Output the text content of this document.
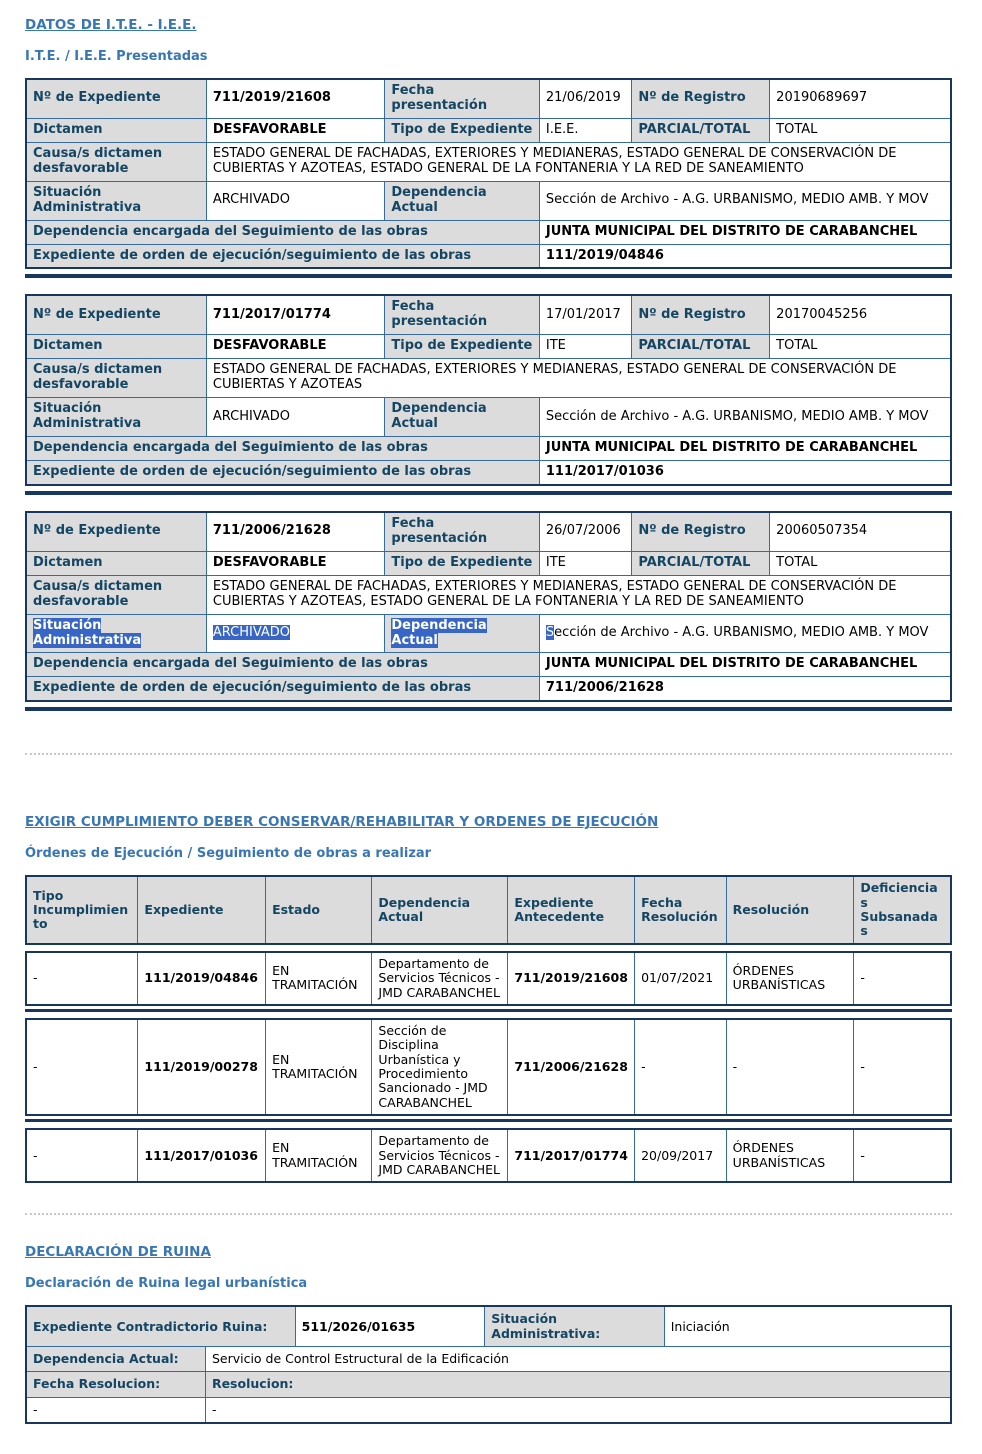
DATOS DE I.T.E. - I.E.E.
I.T.E. / I.E.E. Presentadas
Nº de Expediente	711/2019/21608	Fecha presentación	21/06/2019	Nº de Registro	20190689697
Dictamen	DESFAVORABLE	Tipo de Expediente	I.E.E.	PARCIAL/TOTAL	TOTAL
Causa/s dictamen desfavorable	ESTADO GENERAL DE FACHADAS, EXTERIORES Y MEDIANERAS, ESTADO GENERAL DE CONSERVACIÓN DE CUBIERTAS Y AZOTEAS, ESTADO GENERAL DE LA FONTANERIA Y LA RED DE SANEAMIENTO				
Situación Administrativa	ARCHIVADO	Dependencia Actual	Sección de Archivo - A.G. URBANISMO, MEDIO AMB. Y MOV		
Dependencia encargada del Seguimiento de las obras			JUNTA MUNICIPAL DEL DISTRITO DE CARABANCHEL		
Expediente de orden de ejecución/seguimiento de las obras			111/2019/04846		
Nº de Expediente	711/2017/01774	Fecha presentación	17/01/2017	Nº de Registro	20170045256
Dictamen	DESFAVORABLE	Tipo de Expediente	ITE	PARCIAL/TOTAL	TOTAL
Causa/s dictamen desfavorable	ESTADO GENERAL DE FACHADAS, EXTERIORES Y MEDIANERAS, ESTADO GENERAL DE CONSERVACIÓN DE CUBIERTAS Y AZOTEAS				
Situación Administrativa	ARCHIVADO	Dependencia Actual	Sección de Archivo - A.G. URBANISMO, MEDIO AMB. Y MOV		
Dependencia encargada del Seguimiento de las obras			JUNTA MUNICIPAL DEL DISTRITO DE CARABANCHEL		
Expediente de orden de ejecución/seguimiento de las obras			111/2017/01036		
Nº de Expediente	711/2006/21628	Fecha presentación	26/07/2006	Nº de Registro	20060507354
Dictamen	DESFAVORABLE	Tipo de Expediente	ITE	PARCIAL/TOTAL	TOTAL
Causa/s dictamen desfavorable	ESTADO GENERAL DE FACHADAS, EXTERIORES Y MEDIANERAS, ESTADO GENERAL DE CONSERVACIÓN DE CUBIERTAS Y AZOTEAS, ESTADO GENERAL DE LA FONTANERIA Y LA RED DE SANEAMIENTO				
Situación Administrativa	ARCHIVADO	Dependencia Actual	Sección de Archivo - A.G. URBANISMO, MEDIO AMB. Y MOV		
Dependencia encargada del Seguimiento de las obras			JUNTA MUNICIPAL DEL DISTRITO DE CARABANCHEL		
Expediente de orden de ejecución/seguimiento de las obras			711/2006/21628		
EXIGIR CUMPLIMIENTO DEBER CONSERVAR/REHABILITAR Y ORDENES DE EJECUCIÓN
Órdenes de Ejecución / Seguimiento de obras a realizar
Tipo Incumplimiento	Expediente	Estado	Dependencia Actual	Expediente Antecedente	Fecha Resolución	Resolución	Deficiencias Subsanadas
-	111/2019/04846	EN TRAMITACIÓN	Departamento de Servicios Técnicos - JMD CARABANCHEL	711/2019/21608	01/07/2021	ÓRDENES URBANÍSTICAS	-
-	111/2019/00278	EN TRAMITACIÓN	Sección de Disciplina Urbanística y Procedimiento Sancionado - JMD CARABANCHEL	711/2006/21628	-	-	-
-	111/2017/01036	EN TRAMITACIÓN	Departamento de Servicios Técnicos - JMD CARABANCHEL	711/2017/01774	20/09/2017	ÓRDENES URBANÍSTICAS	-
DECLARACIÓN DE RUINA
Declaración de Ruina legal urbanística
Expediente Contradictorio Ruina:		511/2026/01635	Situación Administrativa:	Iniciación
Dependencia Actual:	Servicio de Control Estructural de la Edificación			
Fecha Resolucion:	Resolucion:			
-	-			
